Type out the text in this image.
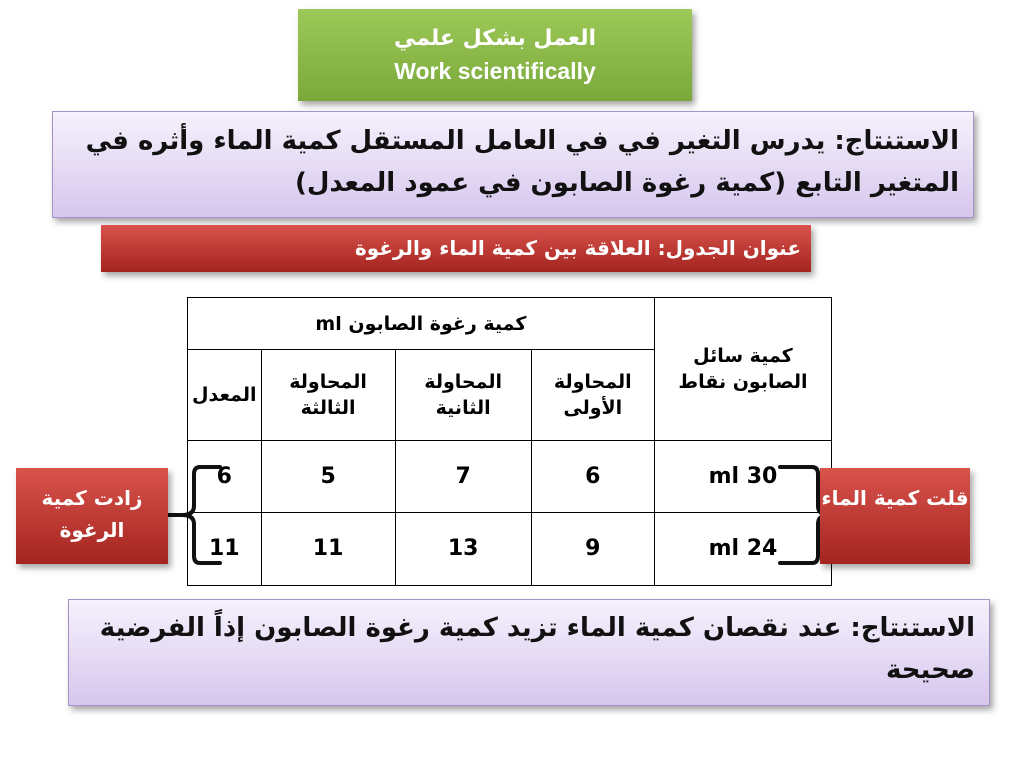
العمل بشكل علمي
Work scientifically
الاستنتاج: يدرس التغير في في العامل المستقل كمية الماء وأثره في المتغير التابع (كمية رغوة الصابون في عمود المعدل)
عنوان الجدول: العلاقة بين كمية الماء والرغوة
كمية سائل الصابون نقاط	كمية رغوة الصابون ml			
	المحاولة الأولى	المحاولة الثانية	المحاولة الثالثة	المعدل
30 ml	6	7	5	6
24 ml	9	13	11	11
زادت كمية الرغوة
قلت كمية الماء
الاستنتاج: عند نقصان كمية الماء تزيد كمية رغوة الصابون إذاً الفرضية صحيحة
